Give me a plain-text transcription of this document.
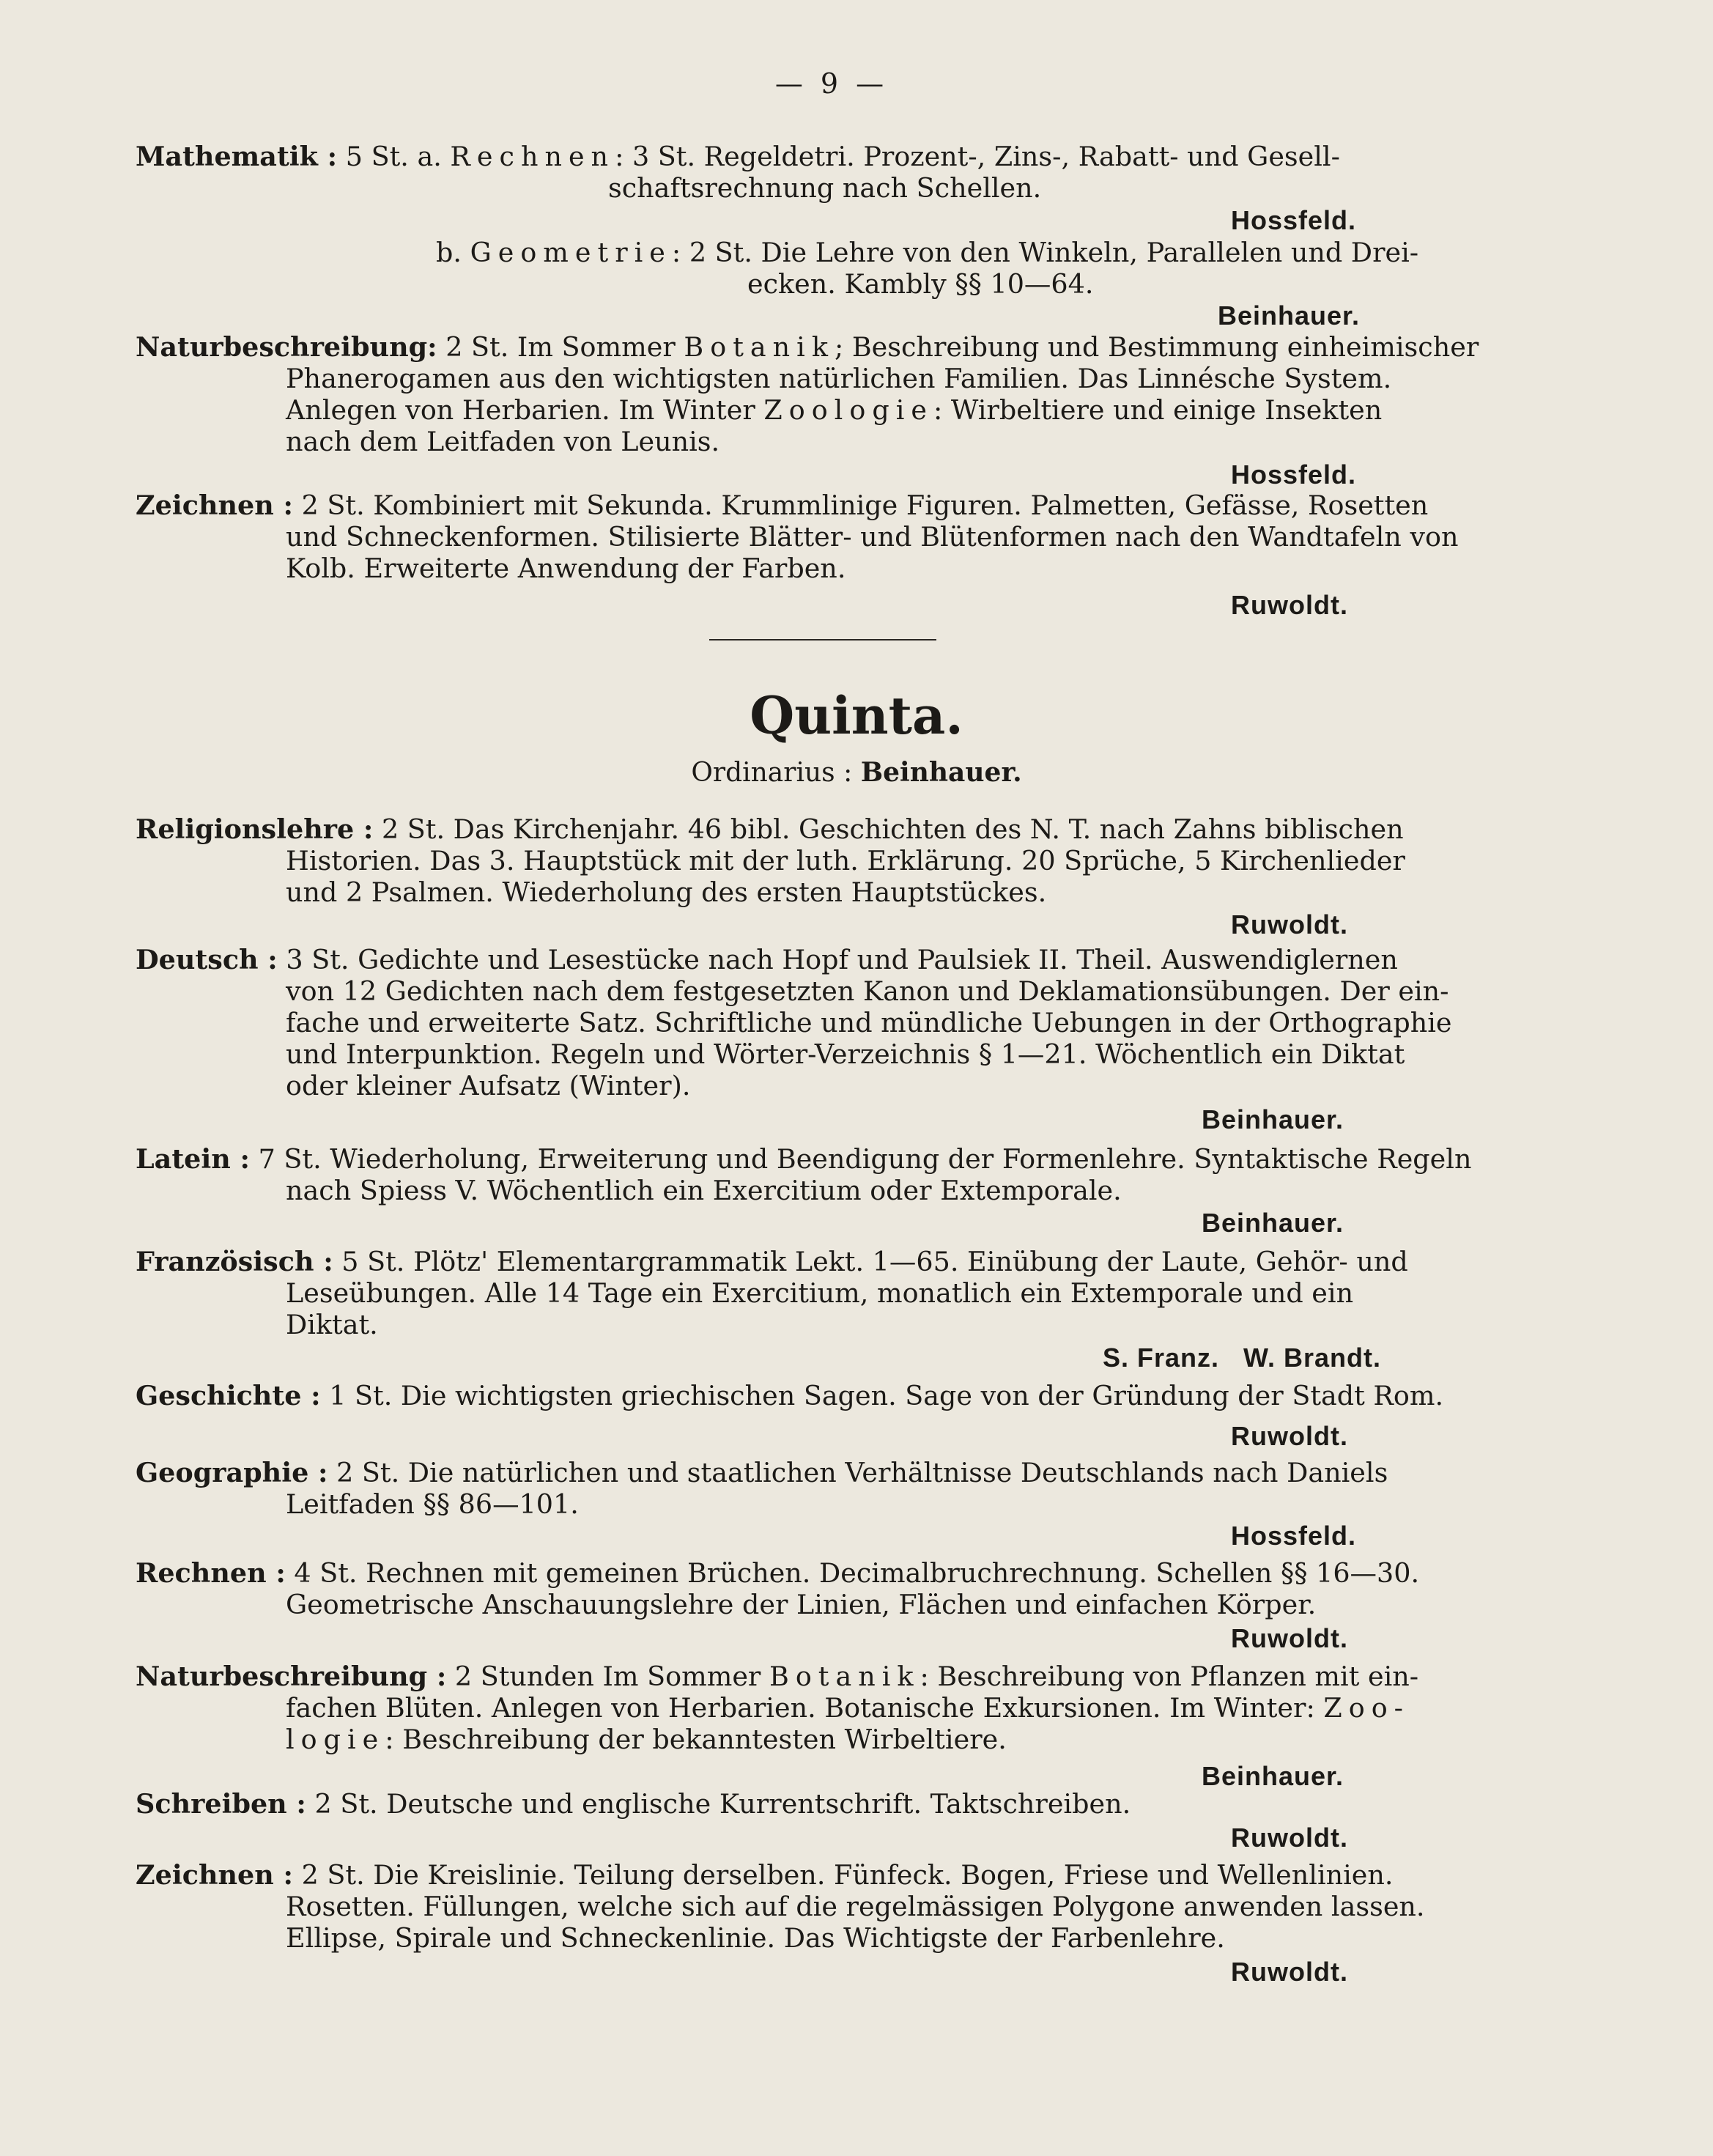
— 9 —
Mathematik : 5 St. a. Rechnen: 3 St. Regeldetri. Prozent-, Zins-, Rabatt- und Gesell-
schaftsrechnung nach Schellen.
Hossfeld.
b. Geometrie: 2 St. Die Lehre von den Winkeln, Parallelen und Drei-
ecken. Kambly §§ 10—64.
Beinhauer.
Naturbeschreibung: 2 St. Im Sommer Botanik; Beschreibung und Bestimmung einheimischer
Phanerogamen aus den wichtigsten natürlichen Familien. Das Linnésche System.
Anlegen von Herbarien. Im Winter Zoologie: Wirbeltiere und einige Insekten
nach dem Leitfaden von Leunis.
Hossfeld.
Zeichnen : 2 St. Kombiniert mit Sekunda. Krummlinige Figuren. Palmetten, Gefässe, Rosetten
und Schneckenformen. Stilisierte Blätter- und Blütenformen nach den Wandtafeln von
Kolb. Erweiterte Anwendung der Farben.
Ruwoldt.
Quinta.
Ordinarius : Beinhauer.
Religionslehre : 2 St. Das Kirchenjahr. 46 bibl. Geschichten des N. T. nach Zahns biblischen
Historien. Das 3. Hauptstück mit der luth. Erklärung. 20 Sprüche, 5 Kirchenlieder
und 2 Psalmen. Wiederholung des ersten Hauptstückes.
Ruwoldt.
Deutsch : 3 St. Gedichte und Lesestücke nach Hopf und Paulsiek II. Theil. Auswendiglernen
von 12 Gedichten nach dem festgesetzten Kanon und Deklamationsübungen. Der ein-
fache und erweiterte Satz. Schriftliche und mündliche Uebungen in der Orthographie
und Interpunktion. Regeln und Wörter-Verzeichnis § 1—21. Wöchentlich ein Diktat
oder kleiner Aufsatz (Winter).
Beinhauer.
Latein : 7 St. Wiederholung, Erweiterung und Beendigung der Formenlehre. Syntaktische Regeln
nach Spiess V. Wöchentlich ein Exercitium oder Extemporale.
Beinhauer.
Französisch : 5 St. Plötz' Elementargrammatik Lekt. 1—65. Einübung der Laute, Gehör- und
Leseübungen. Alle 14 Tage ein Exercitium, monatlich ein Extemporale und ein
Diktat.
S. Franz.   W. Brandt.
Geschichte : 1 St. Die wichtigsten griechischen Sagen. Sage von der Gründung der Stadt Rom.
Ruwoldt.
Geographie : 2 St. Die natürlichen und staatlichen Verhältnisse Deutschlands nach Daniels
Leitfaden §§ 86—101.
Hossfeld.
Rechnen : 4 St. Rechnen mit gemeinen Brüchen. Decimalbruchrechnung. Schellen §§ 16—30.
Geometrische Anschauungslehre der Linien, Flächen und einfachen Körper.
Ruwoldt.
Naturbeschreibung : 2 Stunden Im Sommer Botanik: Beschreibung von Pflanzen mit ein-
fachen Blüten. Anlegen von Herbarien. Botanische Exkursionen. Im Winter: Zoo-
logie: Beschreibung der bekanntesten Wirbeltiere.
Beinhauer.
Schreiben : 2 St. Deutsche und englische Kurrentschrift. Taktschreiben.
Ruwoldt.
Zeichnen : 2 St. Die Kreislinie. Teilung derselben. Fünfeck. Bogen, Friese und Wellenlinien.
Rosetten. Füllungen, welche sich auf die regelmässigen Polygone anwenden lassen.
Ellipse, Spirale und Schneckenlinie. Das Wichtigste der Farbenlehre.
Ruwoldt.
